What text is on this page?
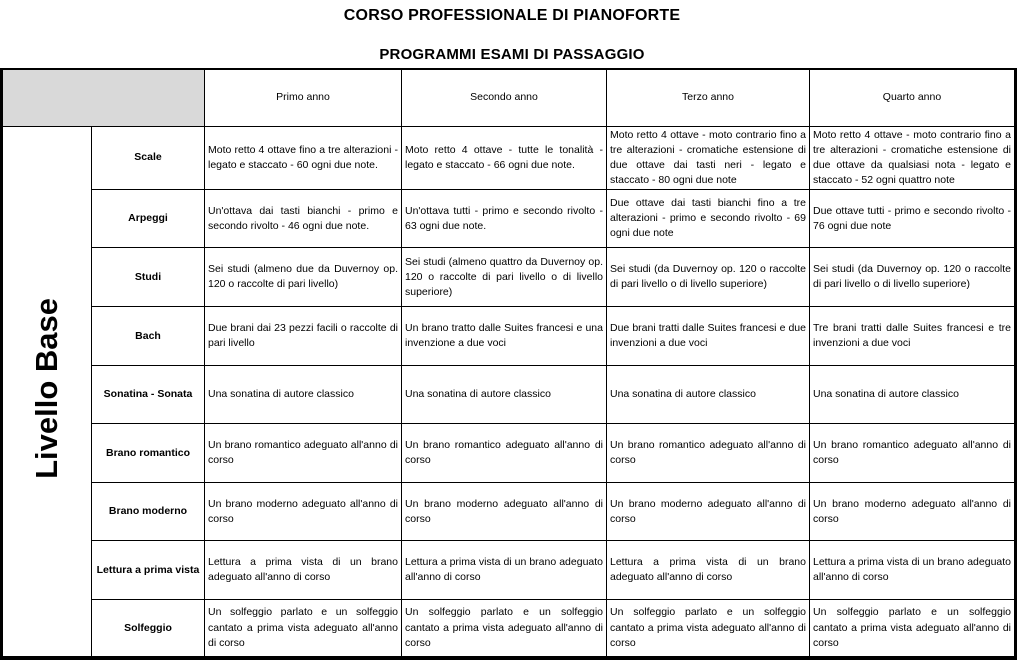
CORSO PROFESSIONALE DI PIANOFORTE
PROGRAMMI ESAMI DI PASSAGGIO
		Primo anno	Secondo anno	Terzo anno	Quarto anno
Livello Base	Scale	Moto retto 4 ottave fino a tre alterazioni - legato e staccato - 60 ogni due note.	Moto retto 4 ottave - tutte le tonalità - legato e staccato - 66 ogni due note.	Moto retto 4 ottave - moto contrario fino a tre alterazioni - cromatiche estensione di due ottave dai tasti neri - legato e staccato - 80 ogni due note	Moto retto 4 ottave - moto contrario fino a tre alterazioni - cromatiche estensione di due ottave da qualsiasi nota - legato e staccato - 52 ogni quattro note
	Arpeggi	Un'ottava dai tasti bianchi - primo e secondo rivolto - 46 ogni due note.	Un'ottava tutti - primo e secondo rivolto - 63 ogni due note.	Due ottave dai tasti bianchi fino a tre alterazioni - primo e secondo rivolto - 69 ogni due note	Due ottave tutti - primo e secondo rivolto - 76 ogni due note
	Studi	Sei studi (almeno due da Duvernoy op. 120 o raccolte di pari livello)	Sei studi (almeno quattro da Duvernoy op. 120 o raccolte di pari livello o di livello superiore)	Sei studi (da Duvernoy op. 120 o raccolte di pari livello o di livello superiore)	Sei studi (da Duvernoy op. 120 o raccolte di pari livello o di livello superiore)
	Bach	Due brani dai 23 pezzi facili o raccolte di pari livello	Un brano tratto dalle Suites francesi e una invenzione a due voci	Due brani tratti dalle Suites francesi e due invenzioni a due voci	Tre brani tratti dalle Suites francesi e tre invenzioni a due voci
	Sonatina - Sonata	Una sonatina di autore classico	Una sonatina di autore classico	Una sonatina di autore classico	Una sonatina di autore classico
	Brano romantico	Un brano romantico adeguato all'anno di corso	Un brano romantico adeguato all'anno di corso	Un brano romantico adeguato all'anno di corso	Un brano romantico adeguato all'anno di corso
	Brano moderno	Un brano moderno adeguato all'anno di corso	Un brano moderno adeguato all'anno di corso	Un brano moderno adeguato all'anno di corso	Un brano moderno adeguato all'anno di corso
	Lettura a prima vista	Lettura a prima vista di un brano adeguato all'anno di corso	Lettura a prima vista di un brano adeguato all'anno di corso	Lettura a prima vista di un brano adeguato all'anno di corso	Lettura a prima vista di un brano adeguato all'anno di corso
	Solfeggio	Un solfeggio parlato e un solfeggio cantato a prima vista adeguato all'anno di corso	Un solfeggio parlato e un solfeggio cantato a prima vista adeguato all'anno di corso	Un solfeggio parlato e un solfeggio cantato a prima vista adeguato all'anno di corso	Un solfeggio parlato e un solfeggio cantato a prima vista adeguato all'anno di corso
